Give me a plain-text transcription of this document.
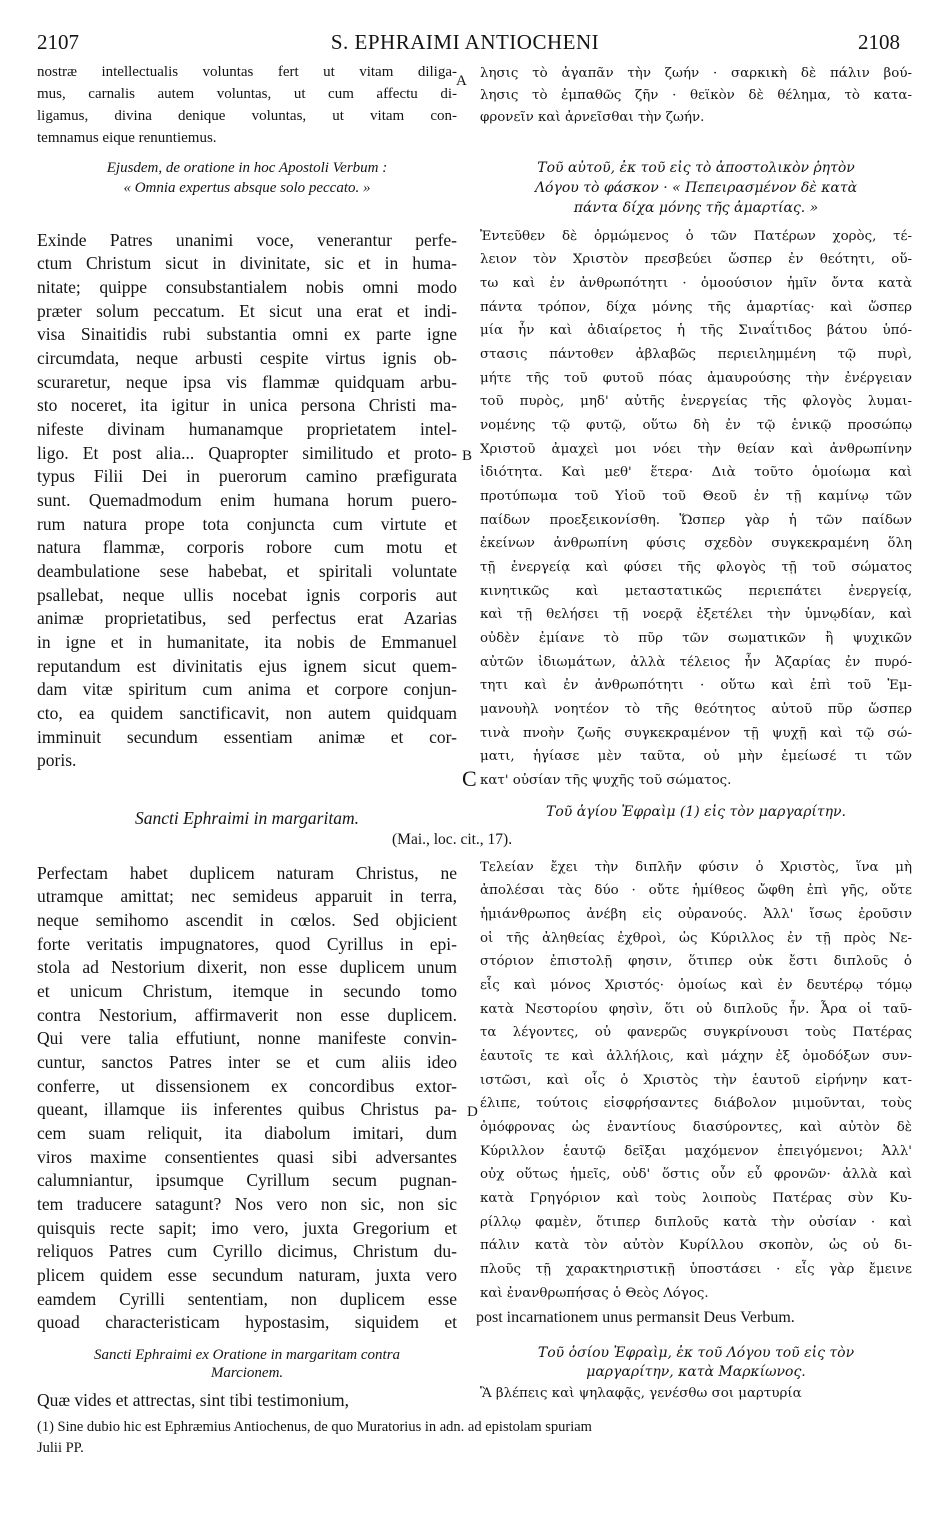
2107	S. EPHRAIMI ANTIOCHENI	2108
nostræ intellectualis voluntas fert ut vitam diliga-
mus, carnalis autem voluntas, ut cum affectu di-
ligamus, divina denique voluntas, ut vitam con-
temnamus eique renuntiemus.
Ejusdem, de oratione in hoc Apostoli Verbum :
« Omnia expertus absque solo peccato. »
Exinde Patres unanimi voce, venerantur perfe-
ctum Christum sicut in divinitate, sic et in huma-
nitate; quippe consubstantialem nobis omni modo
præter solum peccatum. Et sicut una erat et indi-
visa Sinaitidis rubi substantia omni ex parte igne
circumdata, neque arbusti cespite virtus ignis ob-
scuraretur, neque ipsa vis flammæ quidquam arbu-
sto noceret, ita igitur in unica persona Christi ma-
nifeste divinam humanamque proprietatem intel-
ligo. Et post alia... Quapropter similitudo et proto-
typus Filii Dei in puerorum camino præfigurata
sunt. Quemadmodum enim humana horum puero-
rum natura prope tota conjuncta cum virtute et
natura flammæ, corporis robore cum motu et
deambulatione sese habebat, et spiritali voluntate
psallebat, neque ullis nocebat ignis corporis aut
animæ proprietatibus, sed perfectus erat Azarias
in igne et in humanitate, ita nobis de Emmanuel
reputandum est divinitatis ejus ignem sicut quem-
dam vitæ spiritum cum anima et corpore conjun-
cto, ea quidem sanctificavit, non autem quidquam
imminuit secundum essentiam animæ et cor-
poris.
Sancti Ephraimi in margaritam.
Perfectam habet duplicem naturam Christus, ne
utramque amittat; nec semideus apparuit in terra,
neque semihomo ascendit in cœlos. Sed objicient
forte veritatis impugnatores, quod Cyrillus in epi-
stola ad Nestorium dixerit, non esse duplicem unum
et unicum Christum, itemque in secundo tomo
contra Nestorium, affirmaverit non esse duplicem.
Qui vere talia effutiunt, nonne manifeste convin-
cuntur, sanctos Patres inter se et cum aliis ideo
conferre, ut dissensionem ex concordibus extor-
queant, illamque iis inferentes quibus Christus pa-
cem suam reliquit, ita diabolum imitari, dum
viros maxime consentientes quasi sibi adversantes
calumniantur, ipsumque Cyrillum secum pugnan-
tem traducere satagunt? Nos vero non sic, non sic
quisquis recte sapit; imo vero, juxta Gregorium et
reliquos Patres cum Cyrillo dicimus, Christum du-
plicem quidem esse secundum naturam, juxta vero
eamdem Cyrilli sententiam, non duplicem esse
quoad characteristicam hypostasim, siquidem et
Sancti Ephraimi ex Oratione in margaritam contra
Marcionem.
Quæ vides et attrectas, sint tibi testimonium,
A
B
C
D
λησις τὸ ἀγαπᾶν τὴν ζωήν · σαρκικὴ δὲ πάλιν βού-
λησις τὸ ἐμπαθῶς ζῆν · θεϊκὸν δὲ θέλημα, τὸ κατα-
φρονεῖν καὶ ἀρνεῖσθαι τὴν ζωήν.
Τοῦ αὐτοῦ, ἐκ τοῦ εἰς τὸ ἀποστολικὸν ῥητὸν
Λόγου τὸ φάσκον · « Πεπειρασμένον δὲ κατὰ
πάντα δίχα μόνης τῆς ἁμαρτίας. »
Ἐντεῦθεν δὲ ὁρμώμενος ὁ τῶν Πατέρων χορὸς, τέ-
λειον τὸν Χριστὸν πρεσβεύει ὥσπερ ἐν θεότητι, οὕ-
τω καὶ ἐν ἀνθρωπότητι · ὁμοούσιον ἡμῖν ὄντα κατὰ
πάντα τρόπον, δίχα μόνης τῆς ἁμαρτίας· καὶ ὥσπερ
μία ἦν καὶ ἀδιαίρετος ἡ τῆς Σιναΐτιδος βάτου ὑπό-
στασις πάντοθεν ἀβλαβῶς περιειλημμένη τῷ πυρὶ,
μήτε τῆς τοῦ φυτοῦ πόας ἀμαυρούσης τὴν ἐνέργειαν
τοῦ πυρὸς, μηδ' αὐτῆς ἐνεργείας τῆς φλογὸς λυμαι-
νομένης τῷ φυτῷ, οὕτω δὴ ἐν τῷ ἑνικῷ προσώπῳ
Χριστοῦ ἀμαχεὶ μοι νόει τὴν θείαν καὶ ἀνθρωπίνην
ἰδιότητα. Καὶ μεθ' ἕτερα· Διὰ τοῦτο ὁμοίωμα καὶ
προτύπωμα τοῦ Υἱοῦ τοῦ Θεοῦ ἐν τῇ καμίνῳ τῶν
παίδων προεξεικονίσθη. Ὥσπερ γὰρ ἡ τῶν παίδων
ἐκείνων ἀνθρωπίνη φύσις σχεδὸν συγκεκραμένη ὅλη
τῇ ἐνεργείᾳ καὶ φύσει τῆς φλογὸς τῇ τοῦ σώματος
κινητικῶς καὶ μεταστατικῶς περιεπάτει ἐνεργείᾳ,
καὶ τῇ θελήσει τῇ νοερᾷ ἐξετέλει τὴν ὑμνῳδίαν, καὶ
οὐδὲν ἐμίανε τὸ πῦρ τῶν σωματικῶν ἢ ψυχικῶν
αὐτῶν ἰδιωμάτων, ἀλλὰ τέλειος ἦν Ἀζαρίας ἐν πυρό-
τητι καὶ ἐν ἀνθρωπότητι · οὕτω καὶ ἐπὶ τοῦ Ἐμ-
μανουὴλ νοητέον τὸ τῆς θεότητος αὐτοῦ πῦρ ὥσπερ
τινὰ πνοὴν ζωῆς συγκεκραμένον τῇ ψυχῇ καὶ τῷ σώ-
ματι, ἡγίασε μὲν ταῦτα, οὐ μὴν ἐμείωσέ τι τῶν
κατ' οὐσίαν τῆς ψυχῆς τοῦ σώματος.
Τοῦ ἁγίου Ἐφραὶμ (1) εἰς τὸν μαργαρίτην.
Τελείαν ἔχει τὴν διπλῆν φύσιν ὁ Χριστὸς, ἵνα μὴ
ἀπολέσαι τὰς δύο · οὔτε ἡμίθεος ὤφθη ἐπὶ γῆς, οὔτε
ἡμιάνθρωπος ἀνέβη εἰς οὐρανούς. Ἀλλ' ἴσως ἐροῦσιν
οἱ τῆς ἀληθείας ἐχθροὶ, ὡς Κύριλλος ἐν τῇ πρὸς Νε-
στόριον ἐπιστολῇ φησιν, ὅτιπερ οὐκ ἔστι διπλοῦς ὁ
εἷς καὶ μόνος Χριστός· ὁμοίως καὶ ἐν δευτέρῳ τόμῳ
κατὰ Νεστορίου φησὶν, ὅτι οὐ διπλοῦς ἦν. Ἆρα οἱ ταῦ-
τα λέγοντες, οὐ φανερῶς συγκρίνουσι τοὺς Πατέρας
ἑαυτοῖς τε καὶ ἀλλήλοις, καὶ μάχην ἐξ ὁμοδόξων συν-
ιστῶσι, καὶ οἷς ὁ Χριστὸς τὴν ἑαυτοῦ εἰρήνην κατ-
έλιπε, τούτοις εἰσφρήσαντες διάβολον μιμοῦνται, τοὺς
ὁμόφρονας ὡς ἐναντίους διασύροντες, καὶ αὐτὸν δὲ
Κύριλλον ἑαυτῷ δεῖξαι μαχόμενον ἐπειγόμενοι; Ἀλλ'
οὐχ οὕτως ἡμεῖς, οὐδ' ὅστις οὖν εὖ φρονῶν· ἀλλὰ καὶ
κατὰ Γρηγόριον καὶ τοὺς λοιποὺς Πατέρας σὺν Κυ-
ρίλλῳ φαμὲν, ὅτιπερ διπλοῦς κατὰ τὴν οὐσίαν · καὶ
πάλιν κατὰ τὸν αὐτὸν Κυρίλλου σκοπὸν, ὡς οὐ δι-
πλοῦς τῇ χαρακτηριστικῇ ὑποστάσει · εἷς γὰρ ἔμεινε
καὶ ἐνανθρωπήσας ὁ Θεὸς Λόγος.
Τοῦ ὁσίου Ἐφραὶμ, ἐκ τοῦ Λόγου τοῦ εἰς τὸν
μαργαρίτην, κατὰ Μαρκίωνος.
Ἃ βλέπεις καὶ ψηλαφᾷς, γενέσθω σοι μαρτυρία
(Mai., loc. cit., 17).
post incarnationem unus permansit Deus Verbum.
(1) Sine dubio hic est Ephræmius Antiochenus, de quo Muratorius in adn. ad epistolam spuriam
Julii PP.
